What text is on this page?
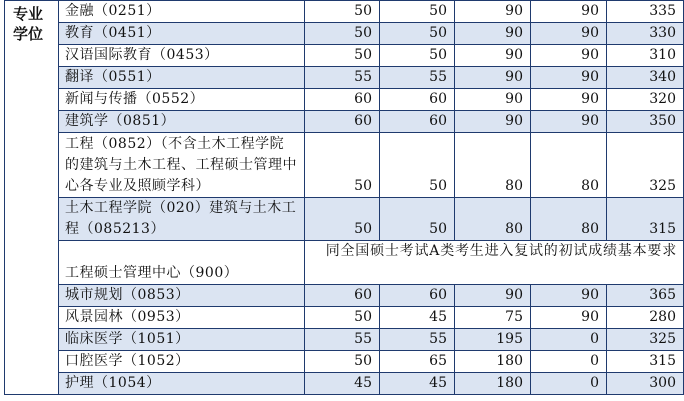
专业学位	金融（0251）	50	50	90	90	335
	教育（0451）	50	50	90	90	330
	汉语国际教育（0453）	50	50	90	90	310
	翻译（0551）	55	55	90	90	340
	新闻与传播（0552）	60	60	90	90	320
	建筑学（0851）	60	60	90	90	350
	工程（0852）（不含土木工程学院的建筑与土木工程、工程硕士管理中心各专业及照顾学科）	50	50	80	80	325
	土木工程学院（020）建筑与土木工程（085213）	50	50	80	80	315
	工程硕士管理中心（900）	同全国硕士考试A类考生进入复试的初试成绩基本要求				
	城市规划（0853）	60	60	90	90	365
	风景园林（0953）	50	45	75	90	280
	临床医学（1051）	55	55	195	0	325
	口腔医学（1052）	50	65	180	0	315
	护理（1054）	45	45	180	0	300
